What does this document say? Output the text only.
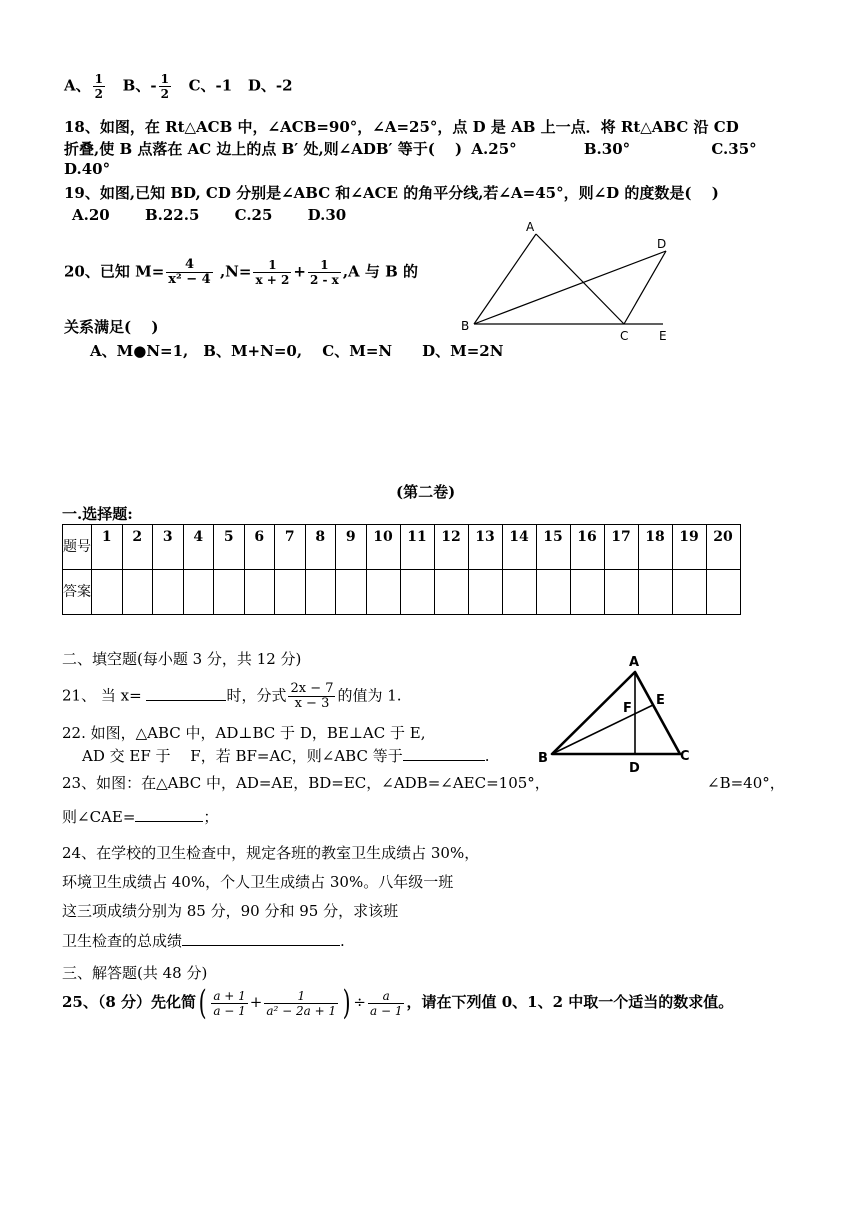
A、 $\frac{1}{2}$ B、- $\frac{1}{2}$ C、-1 D、-2
18、如图，在 Rt△ACB 中，∠ACB=90°，∠A=25°，点 D 是 AB 上一点．将 Rt△ABC 沿 CD
折叠,使 B 点落在 AC 边上的点 B′ 处,则∠ADB′ 等于(　 ) A.25°	B.30°	C.35°
D.40°
19、如图,已知 BD, CD 分别是∠ABC 和∠ACE 的角平分线,若∠A=45°，则∠D 的度数是(　 )
A.20 B.22.5 C.25 D.30
20、已知 $M= \frac{4}{\text{x² − 4}} ,N= \frac{1}{x + 2} + \frac{1}{2 - x} ,A$ 与 B 的
关系满足(　 )
A、M●N=1,　B、M+N=0,　 C、M=N　　D、M=2N
A
B
C
D
E
(第二卷)
一.选择题:
题号	1	2	3	4	5	6	7	8	9	10	11	12	13	14	15	16	17	18	19	20
答案																				
二、填空题(每小题 3 分，共 12 分)
21、 当 x=	时，分式 $\frac{2x - 7}{x - 3}$ 的值为 1.
22. 如图，△ABC 中，AD⊥BC 于 D，BE⊥AC 于 E,
AD 交 EF 于　 F，若 BF=AC，则∠ABC 等于	.
23、如图：在△ABC 中，AD=AE，BD=EC，∠ADB=∠AEC=105°，	∠B=40°，
则∠CAE=	；
24、在学校的卫生检查中，规定各班的教室卫生成绩占 30%，
环境卫生成绩占 40%，个人卫生成绩占 30%。八年级一班
这三项成绩分别为 85 分，90 分和 95 分，求该班
卫生检查的总成绩	.
A
B	C
D
E
F
三、解答题(共 48 分)
25、（8 分）先化简( $\frac{a + 1}{a - 1} + \frac{1}{\text{a² − 2a + 1}}$ ) ÷ $\frac{a}{a - 1}$ ，请在下列值 0、1、2 中取一个适当的数求值。
